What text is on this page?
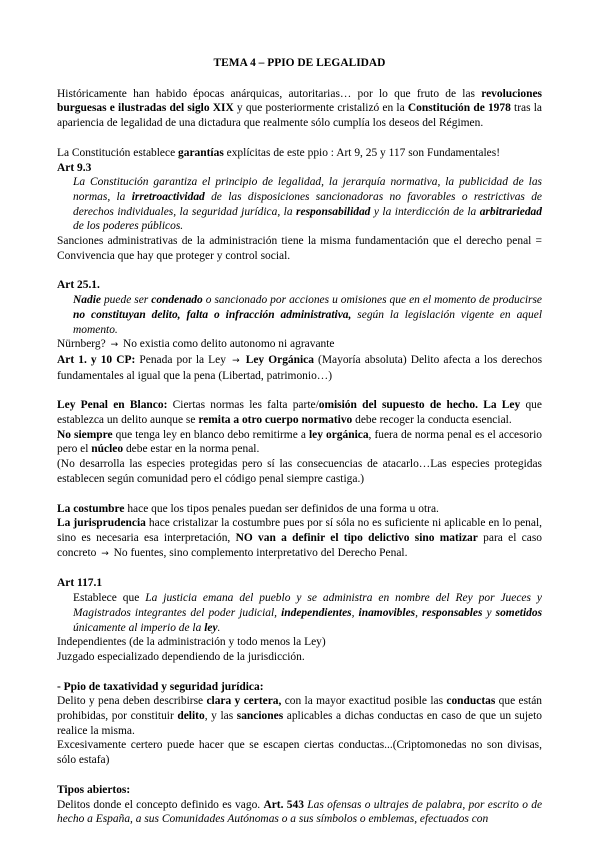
TEMA 4 – PPIO DE LEGALIDAD

Históricamente han habido épocas anárquicas, autoritarias… por lo que fruto de las revoluciones burguesas e ilustradas del siglo XIX y que posteriormente cristalizó en la Constitución de 1978 tras la apariencia de legalidad de una dictadura que realmente sólo cumplía los deseos del Régimen.

La Constitución establece garantías explícitas de este ppio : Art 9, 25 y 117 son Fundamentales!

Art 9.3

La Constitución garantiza el principio de legalidad, la jerarquía normativa, la publicidad de las normas, la irretroactividad de las disposiciones sancionadoras no favorables o restrictivas de derechos individuales, la seguridad jurídica, la responsabilidad y la interdicción de la arbitrariedad de los poderes públicos.

Sanciones administrativas de la administración tiene la misma fundamentación que el derecho penal = Convivencia que hay que proteger y control social.

Art 25.1.

Nadie puede ser condenado o sancionado por acciones u omisiones que en el momento de producirse no constituyan delito, falta o infracción administrativa, según la legislación vigente en aquel momento.

Nürnberg? → No existia como delito autonomo ni agravante

Art 1. y 10 CP: Penada por la Ley → Ley Orgánica (Mayoría absoluta) Delito afecta a los derechos fundamentales al igual que la pena (Libertad, patrimonio…)

Ley Penal en Blanco: Ciertas normas les falta parte/omisión del supuesto de hecho. La Ley que establezca un delito aunque se remita a otro cuerpo normativo debe recoger la conducta esencial.

No siempre que tenga ley en blanco debo remitirme a ley orgánica, fuera de norma penal es el accesorio pero el núcleo debe estar en la norma penal.

(No desarrolla las especies protegidas pero sí las consecuencias de atacarlo…Las especies protegidas establecen según comunidad pero el código penal siempre castiga.)

La costumbre hace que los tipos penales puedan ser definidos de una forma u otra.

La jurisprudencia hace cristalizar la costumbre pues por sí sóla no es suficiente ni aplicable en lo penal, sino es necesaria esa interpretación, NO van a definir el tipo delictivo sino matizar para el caso concreto → No fuentes, sino complemento interpretativo del Derecho Penal.

Art 117.1

Establece que La justicia emana del pueblo y se administra en nombre del Rey por Jueces y Magistrados integrantes del poder judicial, independientes, inamovibles, responsables y sometidos únicamente al imperio de la ley.

Independientes (de la administración y todo menos la Ley)

Juzgado especializado dependiendo de la jurisdicción.

- Ppio de taxatividad y seguridad jurídica:

Delito y pena deben describirse clara y certera, con la mayor exactitud posible las conductas que están prohibidas, por constituir delito, y las sanciones aplicables a dichas conductas en caso de que un sujeto realice la misma.

Excesivamente certero puede hacer que se escapen ciertas conductas...(Criptomonedas no son divisas, sólo estafa)

Tipos abiertos:

Delitos donde el concepto definido es vago. Art. 543 Las ofensas o ultrajes de palabra, por escrito o de hecho a España, a sus Comunidades Autónomas o a sus símbolos o emblemas, efectuados con
